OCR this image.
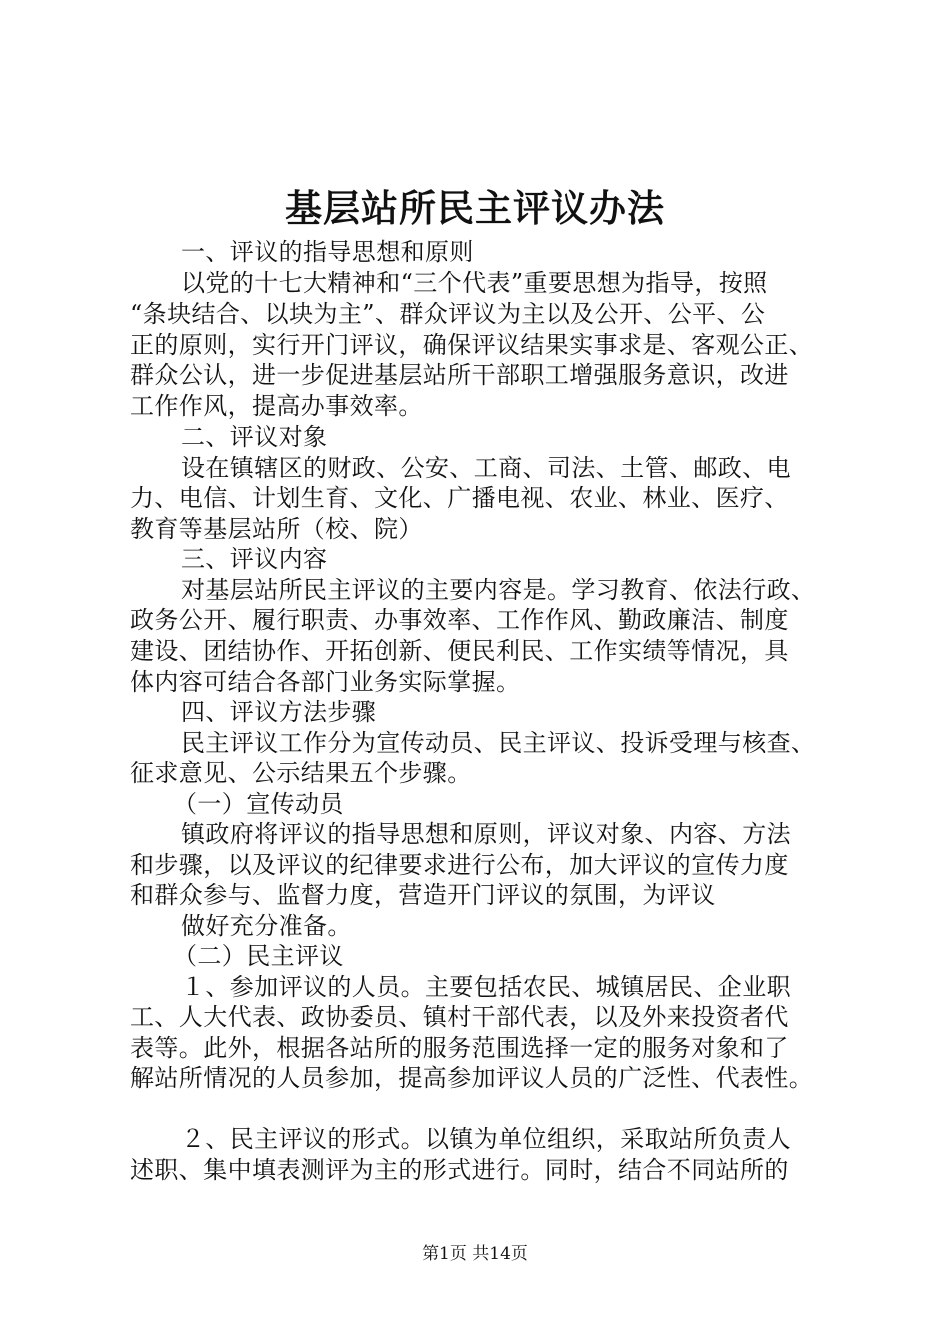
基层站所民主评议办法
一、评议的指导思想和原则
以党的十七大精神和“三个代表”重要思想为指导，按照
“条块结合、以块为主”、群众评议为主以及公开、公平、公
正的原则，实行开门评议，确保评议结果实事求是、客观公正、
群众公认，进一步促进基层站所干部职工增强服务意识，改进
工作作风，提高办事效率。
二、评议对象
设在镇辖区的财政、公安、工商、司法、土管、邮政、电
力、电信、计划生育、文化、广播电视、农业、林业、医疗、
教育等基层站所（校、院）
三、评议内容
对基层站所民主评议的主要内容是。学习教育、依法行政、
政务公开、履行职责、办事效率、工作作风、勤政廉洁、制度
建设、团结协作、开拓创新、便民利民、工作实绩等情况，具
体内容可结合各部门业务实际掌握。
四、评议方法步骤
民主评议工作分为宣传动员、民主评议、投诉受理与核查、
征求意见、公示结果五个步骤。
（一）宣传动员
镇政府将评议的指导思想和原则，评议对象、内容、方法
和步骤，以及评议的纪律要求进行公布，加大评议的宣传力度
和群众参与、监督力度，营造开门评议的氛围，为评议
做好充分准备。
（二）民主评议
１、参加评议的人员。主要包括农民、城镇居民、企业职
工、人大代表、政协委员、镇村干部代表，以及外来投资者代
表等。此外，根据各站所的服务范围选择一定的服务对象和了
解站所情况的人员参加，提高参加评议人员的广泛性、代表性。
２、民主评议的形式。以镇为单位组织，采取站所负责人
述职、集中填表测评为主的形式进行。同时，结合不同站所的
第1页 共14页
